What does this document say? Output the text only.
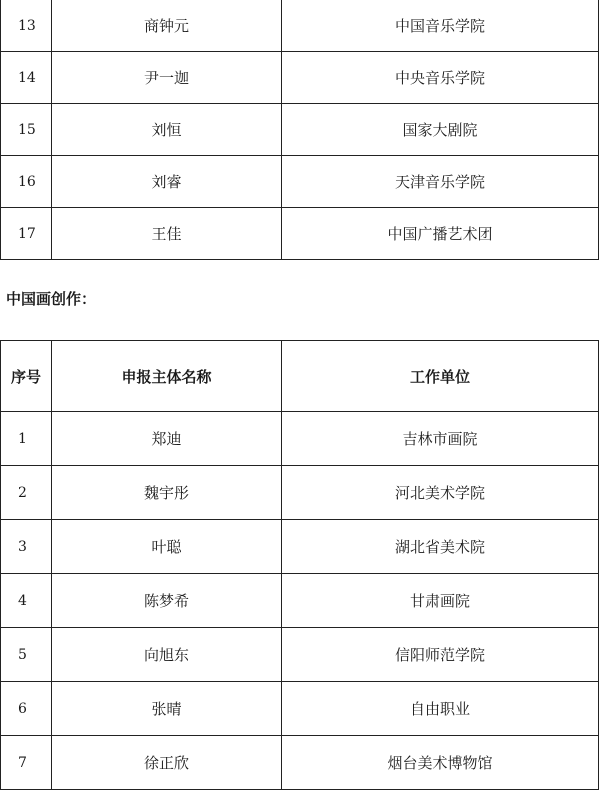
13	商钟元	中国音乐学院
14	尹一迦	中央音乐学院
15	刘恒	国家大剧院
16	刘睿	天津音乐学院
17	王佳	中国广播艺术团

中国画创作：

序号	申报主体名称	工作单位
1	郑迪	吉林市画院
2	魏宇彤	河北美术学院
3	叶聪	湖北省美术院
4	陈梦希	甘肃画院
5	向旭东	信阳师范学院
6	张晴	自由职业
7	徐正欣	烟台美术博物馆
